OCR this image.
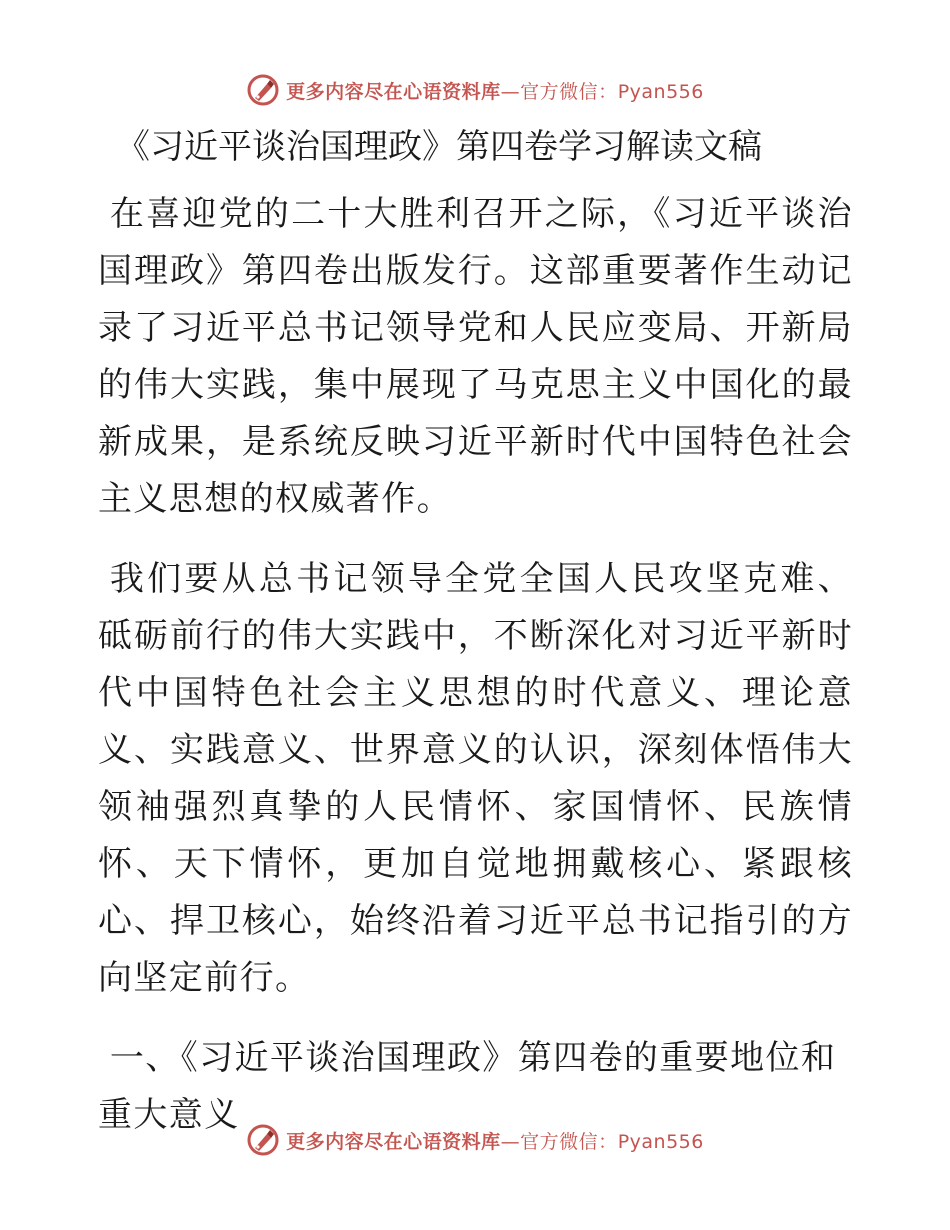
更多内容尽在心语资料库—官方微信：Pyan556
《习近平谈治国理政》第四卷学习解读文稿

在喜迎党的二十大胜利召开之际，《习近平谈治国理政》第四卷出版发行。这部重要著作生动记录了习近平总书记领导党和人民应变局、开新局的伟大实践，集中展现了马克思主义中国化的最新成果，是系统反映习近平新时代中国特色社会主义思想的权威著作。

我们要从总书记领导全党全国人民攻坚克难、砥砺前行的伟大实践中，不断深化对习近平新时代中国特色社会主义思想的时代意义、理论意义、实践意义、世界意义的认识，深刻体悟伟大领袖强烈真挚的人民情怀、家国情怀、民族情怀、天下情怀，更加自觉地拥戴核心、紧跟核心、捍卫核心，始终沿着习近平总书记指引的方向坚定前行。

一、《习近平谈治国理政》第四卷的重要地位和重大意义
更多内容尽在心语资料库—官方微信：Pyan556
